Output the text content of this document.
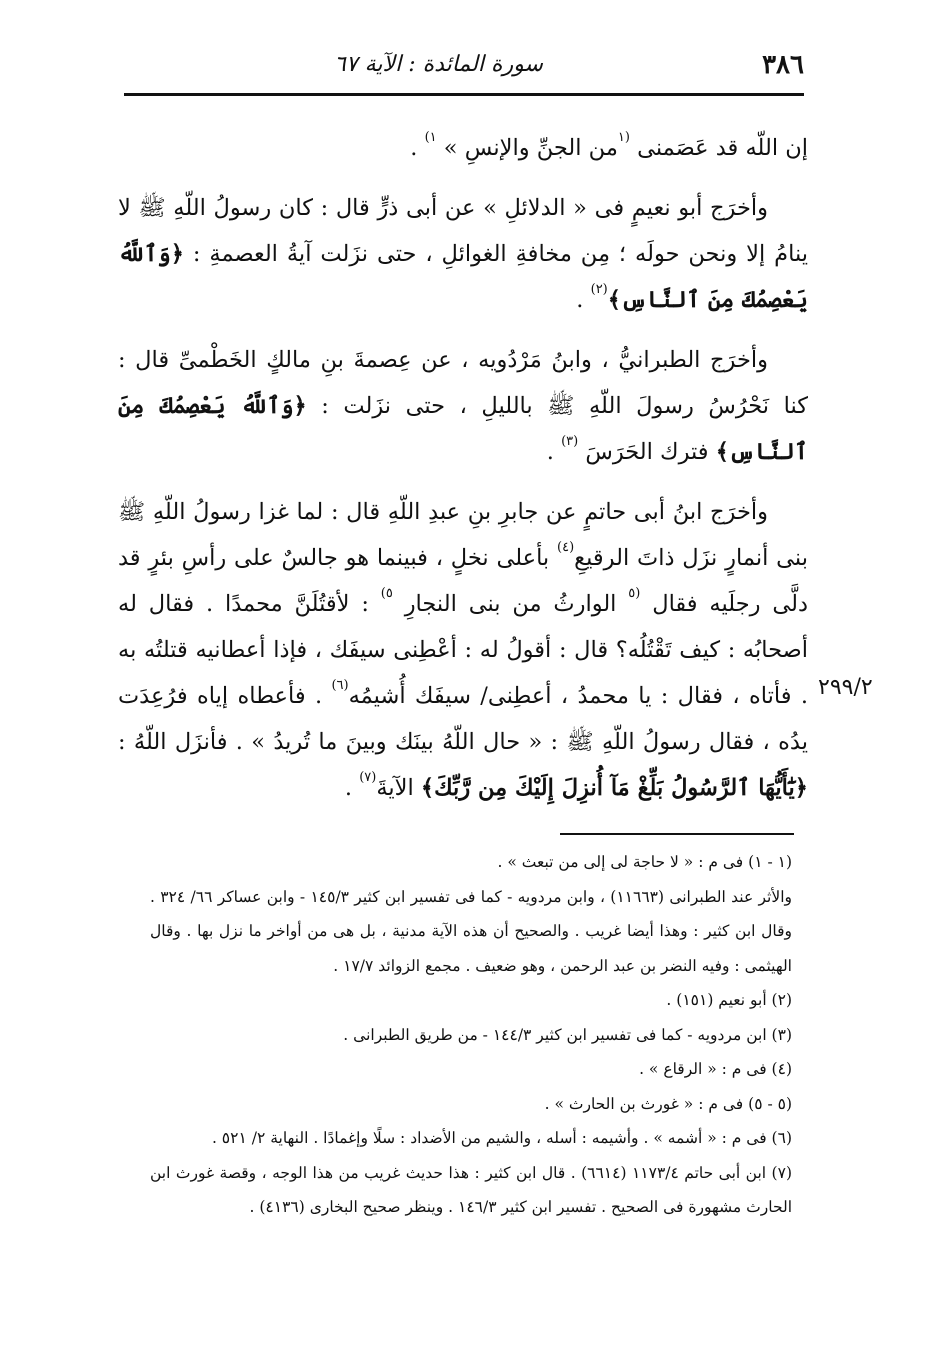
٣٨٦
سورة المائدة : الآية ٦٧
٢٩٩/٢

إن اللّه قد عَصَمنى $^{(١}$من الجنِّ والإنسِ » $^{١)}$ .

وأخرَج أبو نعيمٍ فى « الدلائلِ » عن أبى ذرٍّ قال : كان رسولُ اللّهِ ﷺ لا ينامُ إلا ونحن حولَه ؛ مِن مخافةِ الغوائلِ ، حتى نزَلت آيةُ العصمةِ : ﴿وَٱللَّهُ يَعْصِمُكَ مِنَ ٱلنَّاسِ﴾$^{(٢)}$ .

وأخرَج الطبرانيُّ ، وابنُ مَرْدُويه ، عن عِصمةَ بنِ مالكٍ الخَطْمىِّ قال : كنا نَحْرُسُ رسولَ اللّهِ ﷺ بالليلِ ، حتى نزَلت : ﴿وَٱللَّهُ يَعْصِمُكَ مِنَ ٱلنَّاسِ﴾ فترك الحَرَسَ $^{(٣)}$ .

وأخرَج ابنُ أبى حاتمٍ عن جابرِ بنِ عبدِ اللّهِ قال : لما غزا رسولُ اللّهِ ﷺ بنى أنمارٍ نزَل ذاتَ الرقيعِ$^{(٤)}$ بأعلى نخلٍ ، فبينما هو جالسٌ على رأسِ بئرٍ قد دلَّى رجلَيه فقال $^{(٥}$ الوارثُ من بنى النجارِ $^{٥)}$ : لأقتُلَنَّ محمدًا . فقال له أصحابُه : كيف تَقْتُلُه؟ قال : أقولُ له : أعْطِنى سيفَك ، فإذا أعطانيه قتلتُه به . فأتاه ، فقال : يا محمدُ ، أعطِنى/ سيفَك أُشيمُه$^{(٦)}$ . فأعطاه إياه فرُعِدَت يدُه ، فقال رسولُ اللّهِ ﷺ : « حال اللّهُ بينَك وبينَ ما تُريدُ » . فأنزَل اللّهُ : ﴿يَٰٓأَيُّهَا ٱلرَّسُولُ بَلِّغْ مَآ أُنزِلَ إِلَيْكَ مِن رَّبِّكَ﴾ الآيةَ$^{(٧)}$ .

(١ - ١) فى م : « لا حاجة لى إلى من تبعث » .
والأثر عند الطبرانى (١١٦٦٣) ، وابن مردويه - كما فى تفسير ابن كثير ١٤٥/٣ - وابن عساكر ٦٦/ ٣٢٤ . وقال ابن كثير : وهذا أيضا غريب . والصحيح أن هذه الآية مدنية ، بل هى من أواخر ما نزل بها . وقال الهيثمى : وفيه النضر بن عبد الرحمن ، وهو ضعيف . مجمع الزوائد ١٧/٧ .
(٢) أبو نعيم (١٥١) .
(٣) ابن مردويه - كما فى تفسير ابن كثير ١٤٤/٣ - من طريق الطبرانى .
(٤) فى م : « الرقاع » .
(٥ - ٥) فى م : « غورث بن الحارث » .
(٦) فى م : « أشمه » . وأشيمه : أسله ، والشيم من الأضداد : سلًا وإغمادًا . النهاية ٢/ ٥٢١ .
(٧) ابن أبى حاتم ١١٧٣/٤ (٦٦١٤) . قال ابن كثير : هذا حديث غريب من هذا الوجه ، وقصة غورث ابن الحارث مشهورة فى الصحيح . تفسير ابن كثير ١٤٦/٣ . وينظر صحيح البخارى (٤١٣٦) .
